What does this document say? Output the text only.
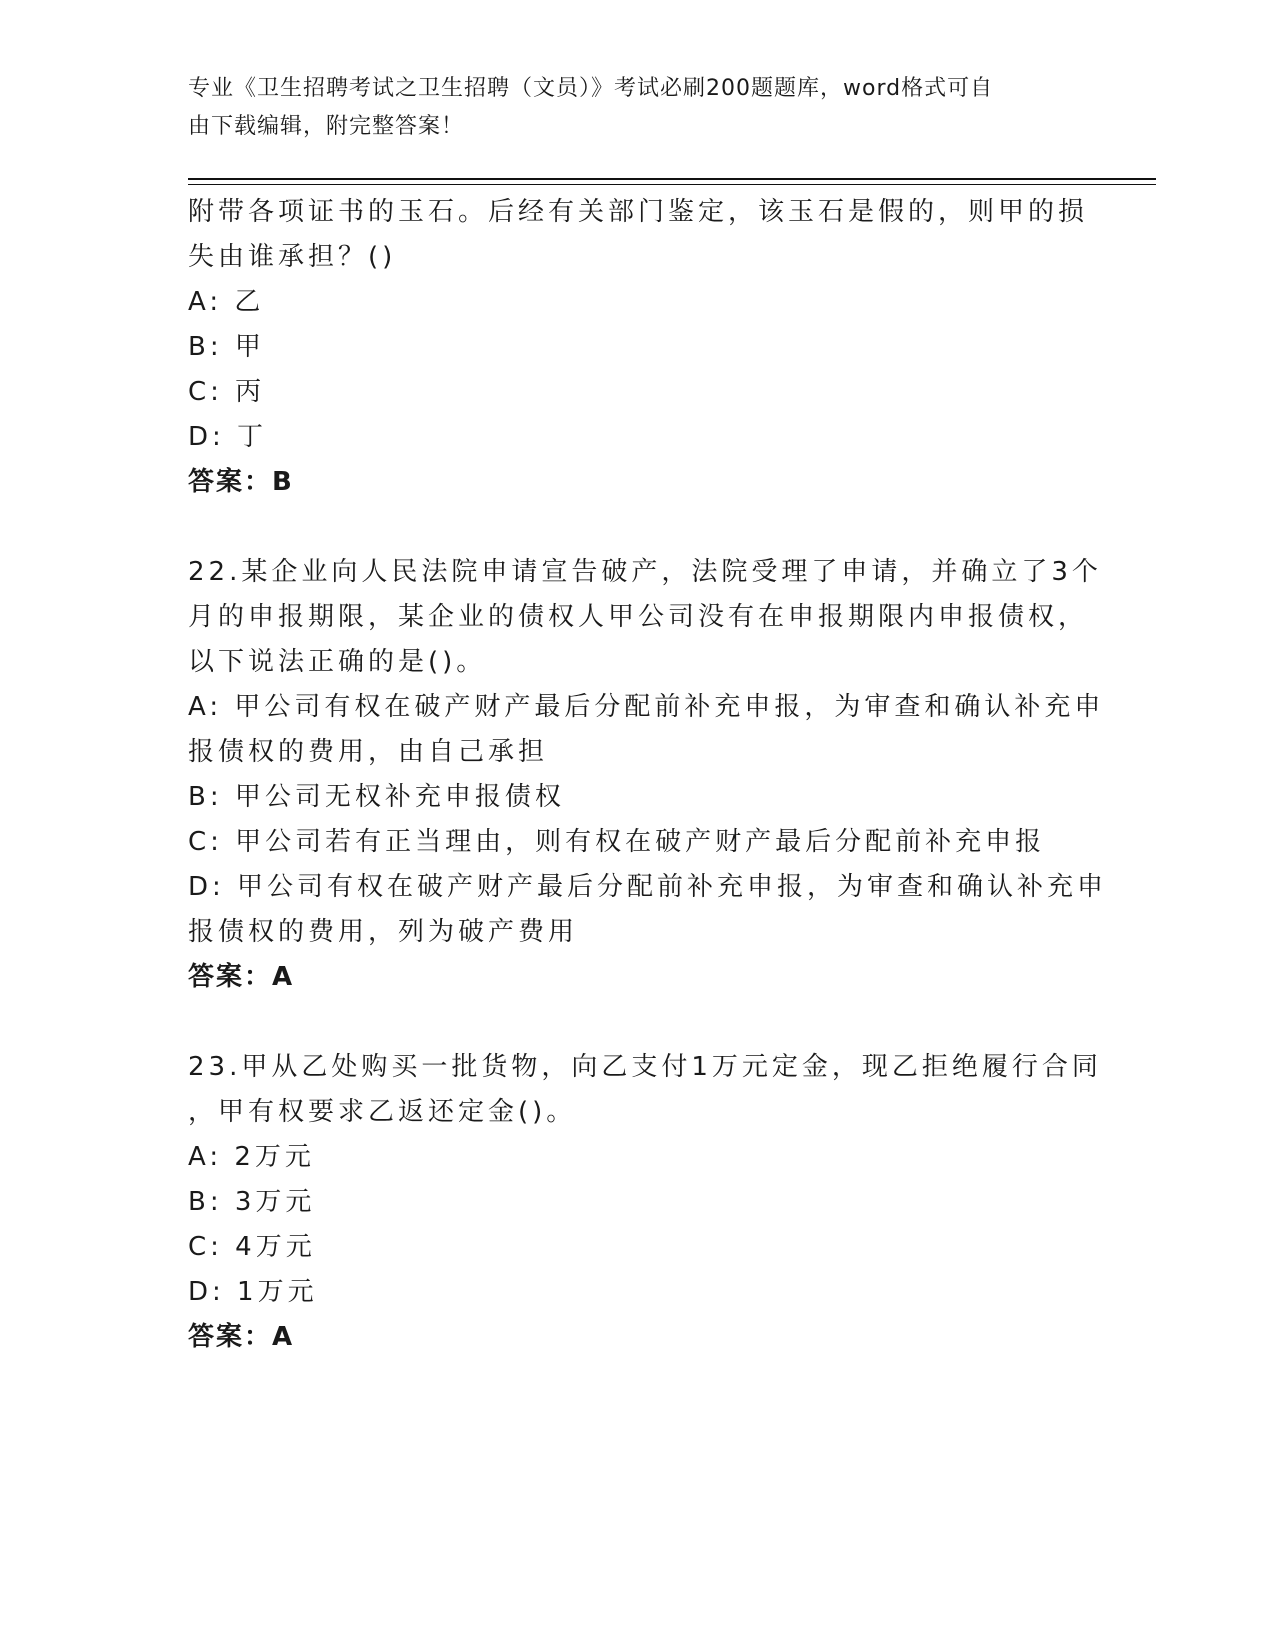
专业《卫生招聘考试之卫生招聘（文员）》考试必刷200题题库，word格式可自
由下载编辑，附完整答案！
附带各项证书的玉石。后经有关部门鉴定，该玉石是假的，则甲的损
失由谁承担？()
A: 乙
B: 甲
C: 丙
D: 丁
答案：B
22.某企业向人民法院申请宣告破产，法院受理了申请，并确立了3个
月的申报期限，某企业的债权人甲公司没有在申报期限内申报债权，
以下说法正确的是()。
A: 甲公司有权在破产财产最后分配前补充申报，为审查和确认补充申
报债权的费用，由自己承担
B: 甲公司无权补充申报债权
C: 甲公司若有正当理由，则有权在破产财产最后分配前补充申报
D: 甲公司有权在破产财产最后分配前补充申报，为审查和确认补充申
报债权的费用，列为破产费用
答案：A
23.甲从乙处购买一批货物，向乙支付1万元定金，现乙拒绝履行合同
，甲有权要求乙返还定金()。
A: 2万元
B: 3万元
C: 4万元
D: 1万元
答案：A
